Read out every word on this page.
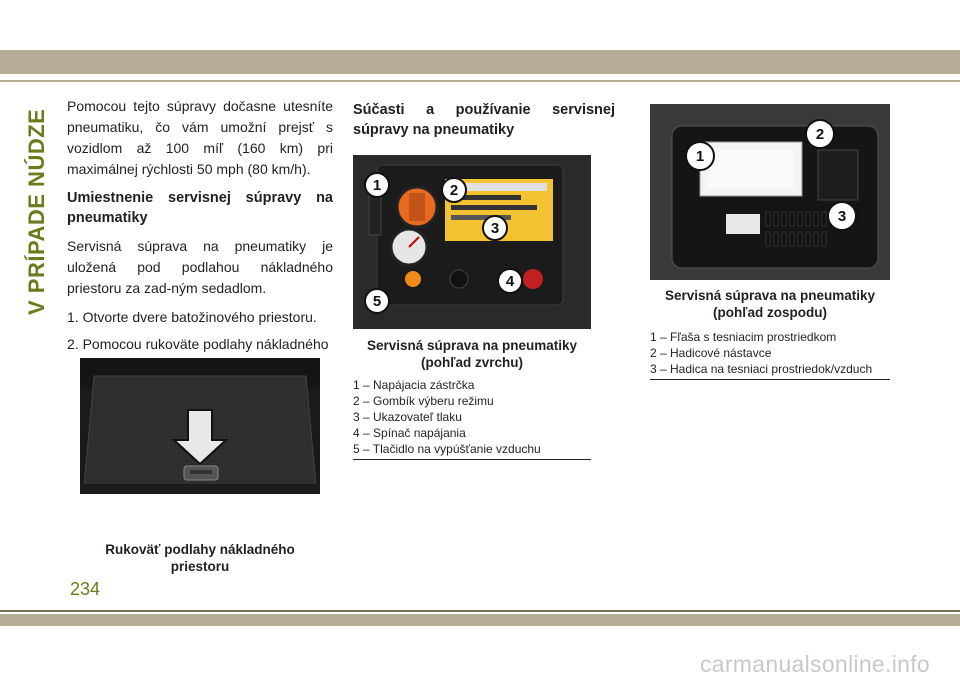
V PRÍPADE NÚDZE

Pomocou tejto súpravy dočasne utesníte pneumatiku, čo vám umožní prejsť s vozidlom až 100 míľ (160 km) pri maximálnej rýchlosti 50 mph (80 km/h).

Umiestnenie servisnej súpravy na pneumatiky

Servisná súprava na pneumatiky je uložená pod podlahou nákladného priestoru za zad-ným sedadlom.

1. Otvorte dvere batožinového priestoru.
2. Pomocou rukoväte podlahy nákladného
Rukoväť podlahy nákladného priestoru
Súčasti a používanie servisnej súpravy na pneumatiky
1	2
3
4
5
Servisná súprava na pneumatiky (pohľad zvrchu)
1 – Napájacia zástrčka
2 – Gombík výberu režimu
3 – Ukazovateľ tlaku
4 – Spínač napájania
5 – Tlačidlo na vypúšťanie vzduchu
1
2
3
Servisná súprava na pneumatiky (pohľad zospodu)
1 – Fľaša s tesniacim prostriedkom
2 – Hadicové nástavce
3 – Hadica na tesniaci prostriedok/vzduch
234
carmanualsonline.info
